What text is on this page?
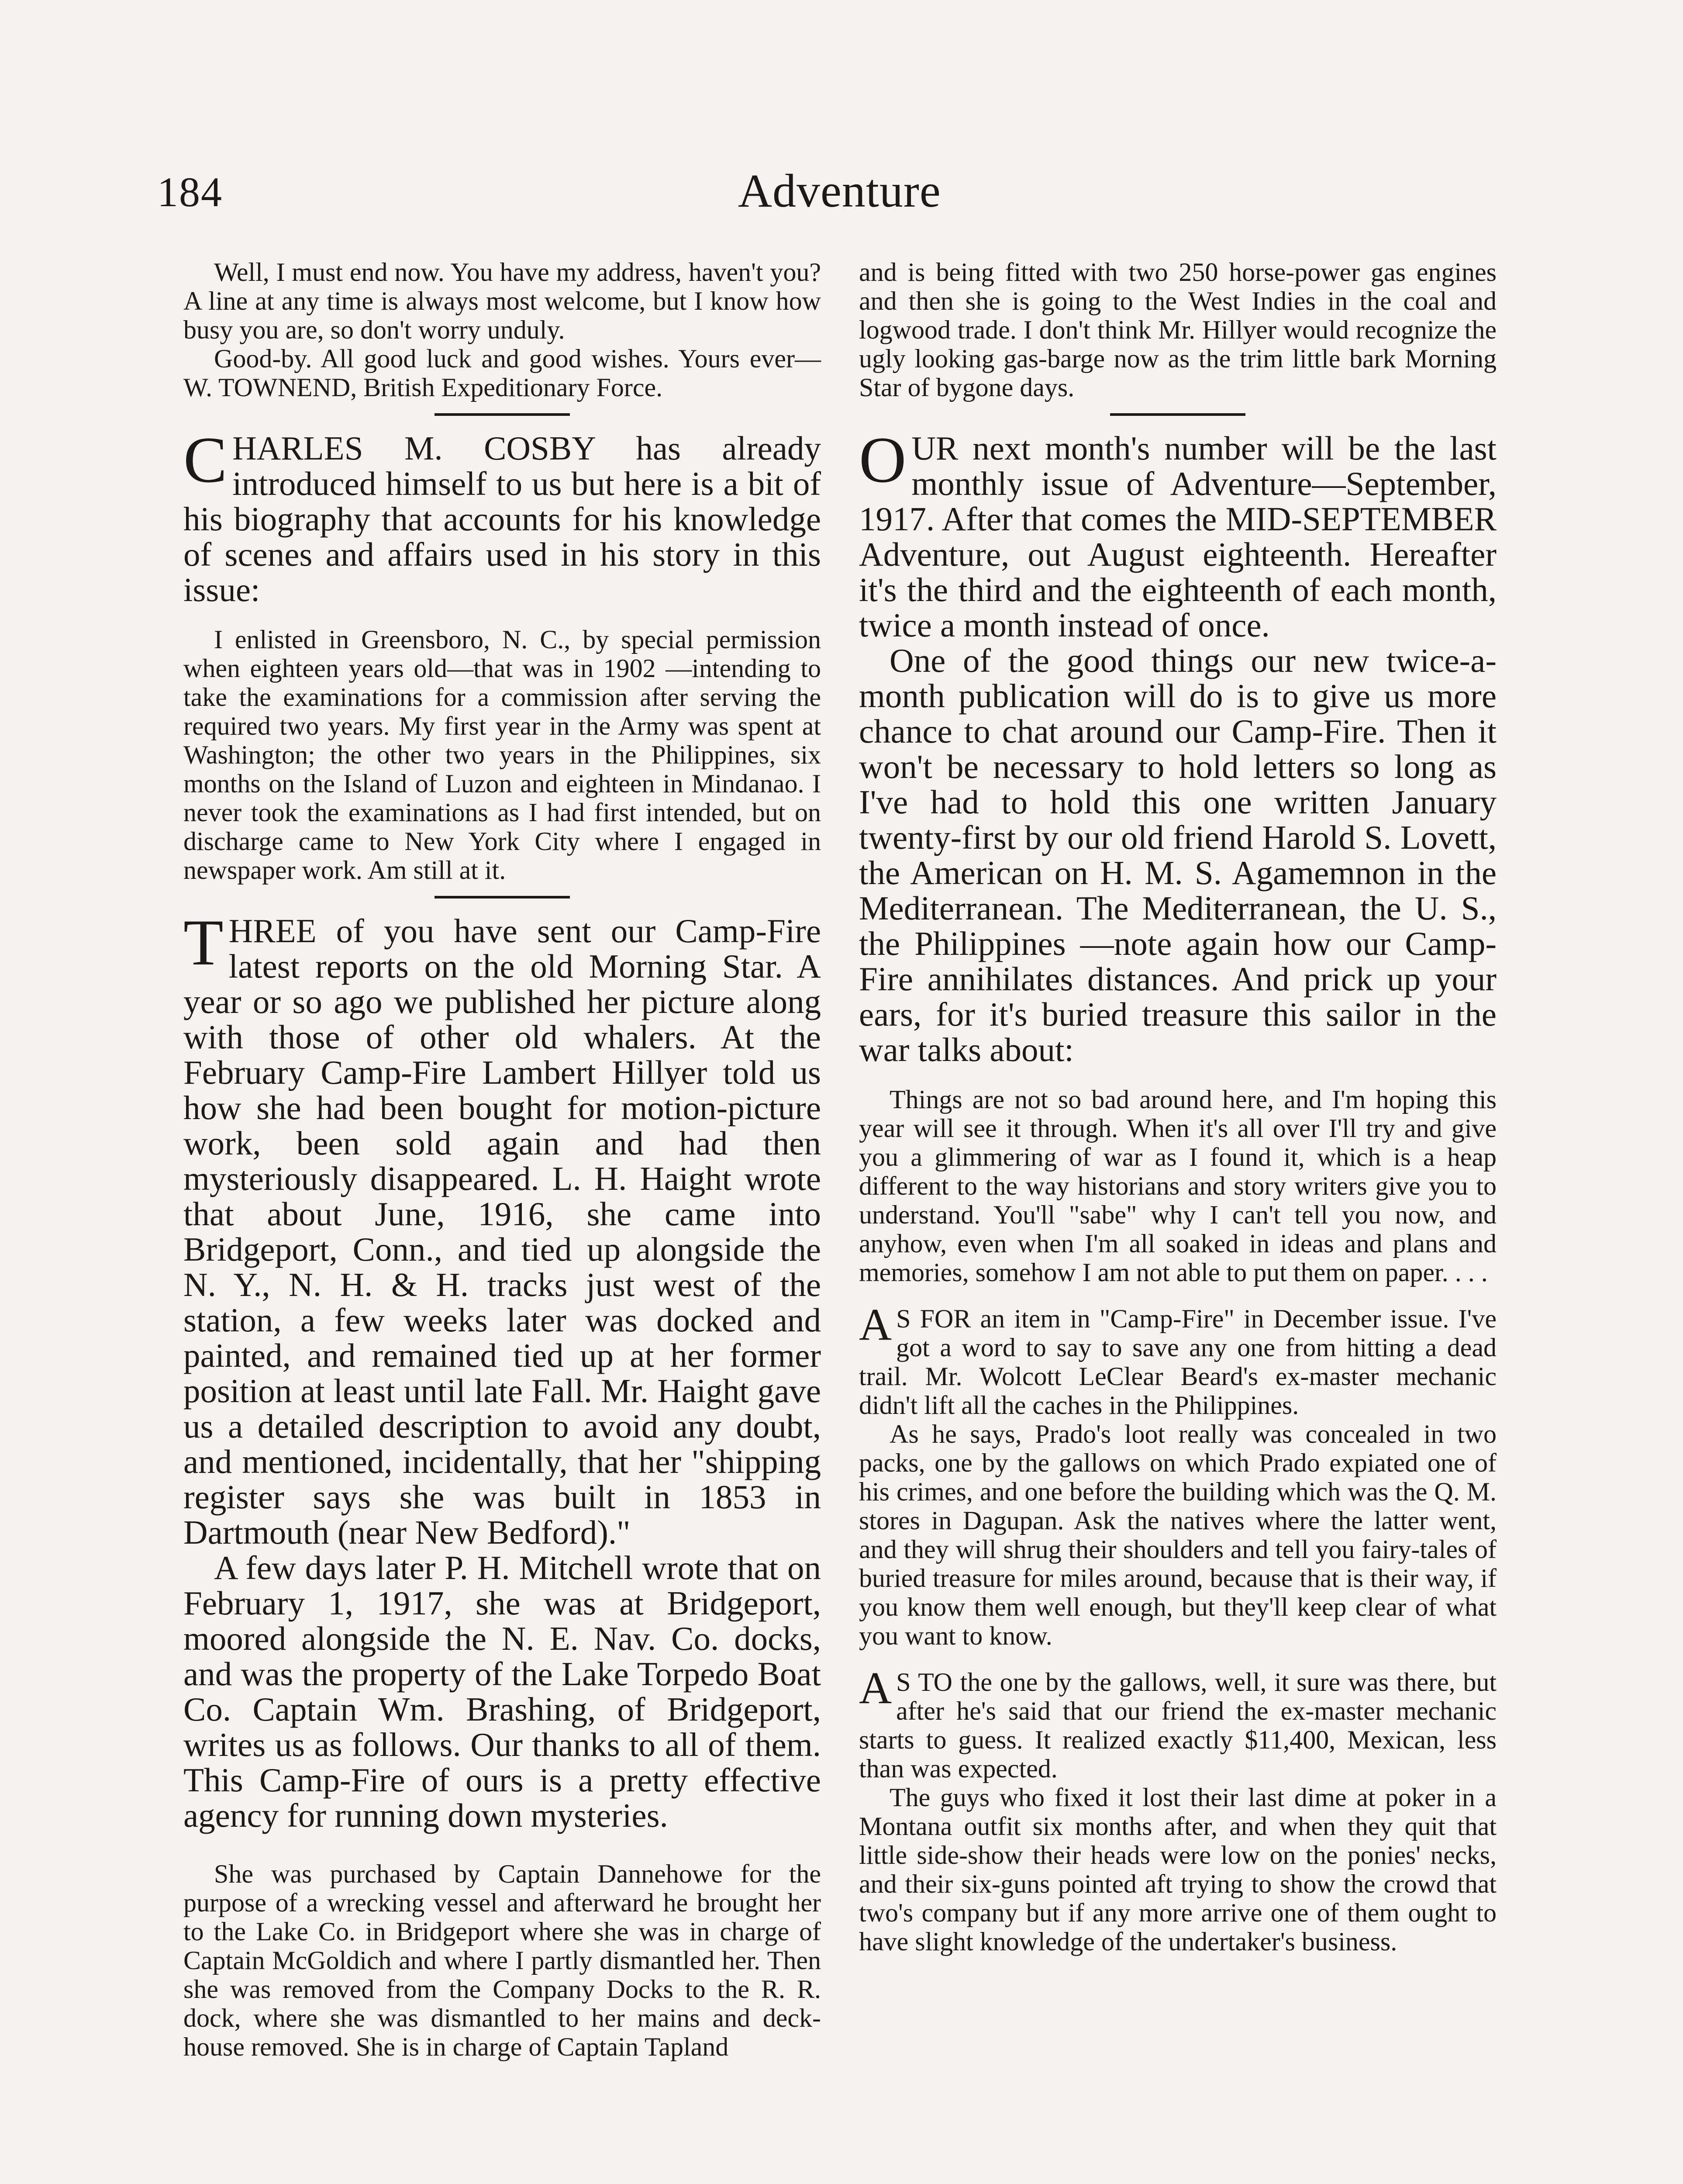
184	Adventure

Well, I must end now. You have my address, haven't you? A line at any time is always most welcome, but I know how busy you are, so don't worry unduly.

Good-by. All good luck and good wishes. Yours ever—W. TOWNEND, British Expeditionary Force.

CHARLES M. COSBY has already introduced himself to us but here is a bit of his biography that accounts for his knowledge of scenes and affairs used in his story in this issue:

I enlisted in Greensboro, N. C., by special permission when eighteen years old—that was in 1902 —intending to take the examinations for a commission after serving the required two years. My first year in the Army was spent at Washington; the other two years in the Philippines, six months on the Island of Luzon and eighteen in Mindanao. I never took the examinations as I had first intended, but on discharge came to New York City where I engaged in newspaper work. Am still at it.

THREE of you have sent our Camp-Fire latest reports on the old Morning Star. A year or so ago we published her picture along with those of other old whalers. At the February Camp-Fire Lambert Hillyer told us how she had been bought for motion-picture work, been sold again and had then mysteriously disappeared. L. H. Haight wrote that about June, 1916, she came into Bridgeport, Conn., and tied up alongside the N. Y., N. H. & H. tracks just west of the station, a few weeks later was docked and painted, and remained tied up at her former position at least until late Fall. Mr. Haight gave us a detailed description to avoid any doubt, and mentioned, incidentally, that her "shipping register says she was built in 1853 in Dartmouth (near New Bedford)."

A few days later P. H. Mitchell wrote that on February 1, 1917, she was at Bridgeport, moored alongside the N. E. Nav. Co. docks, and was the property of the Lake Torpedo Boat Co. Captain Wm. Brashing, of Bridgeport, writes us as follows. Our thanks to all of them. This Camp-Fire of ours is a pretty effective agency for running down mysteries.

She was purchased by Captain Dannehowe for the purpose of a wrecking vessel and afterward he brought her to the Lake Co. in Bridgeport where she was in charge of Captain McGoldich and where I partly dismantled her. Then she was removed from the Company Docks to the R. R. dock, where she was dismantled to her mains and deck-house removed. She is in charge of Captain Tapland

and is being fitted with two 250 horse-power gas engines and then she is going to the West Indies in the coal and logwood trade. I don't think Mr. Hillyer would recognize the ugly looking gas-barge now as the trim little bark Morning Star of bygone days.

OUR next month's number will be the last monthly issue of Adventure—September, 1917. After that comes the MID-SEPTEMBER Adventure, out August eighteenth. Hereafter it's the third and the eighteenth of each month, twice a month instead of once.

One of the good things our new twice-a-month publication will do is to give us more chance to chat around our Camp-Fire. Then it won't be necessary to hold letters so long as I've had to hold this one written January twenty-first by our old friend Harold S. Lovett, the American on H. M. S. Agamemnon in the Mediterranean. The Mediterranean, the U. S., the Philippines —note again how our Camp-Fire annihilates distances. And prick up your ears, for it's buried treasure this sailor in the war talks about:

Things are not so bad around here, and I'm hoping this year will see it through. When it's all over I'll try and give you a glimmering of war as I found it, which is a heap different to the way historians and story writers give you to understand. You'll "sabe" why I can't tell you now, and anyhow, even when I'm all soaked in ideas and plans and memories, somehow I am not able to put them on paper. . . .

A S FOR an item in "Camp-Fire" in December issue. I've got a word to say to save any one from hitting a dead trail. Mr. Wolcott LeClear Beard's ex-master mechanic didn't lift all the caches in the Philippines.

As he says, Prado's loot really was concealed in two packs, one by the gallows on which Prado expiated one of his crimes, and one before the building which was the Q. M. stores in Dagupan. Ask the natives where the latter went, and they will shrug their shoulders and tell you fairy-tales of buried treasure for miles around, because that is their way, if you know them well enough, but they'll keep clear of what you want to know.

A S TO the one by the gallows, well, it sure was there, but after he's said that our friend the ex-master mechanic starts to guess. It realized exactly $11,400, Mexican, less than was expected.

The guys who fixed it lost their last dime at poker in a Montana outfit six months after, and when they quit that little side-show their heads were low on the ponies' necks, and their six-guns pointed aft trying to show the crowd that two's company but if any more arrive one of them ought to have slight knowledge of the undertaker's business.
